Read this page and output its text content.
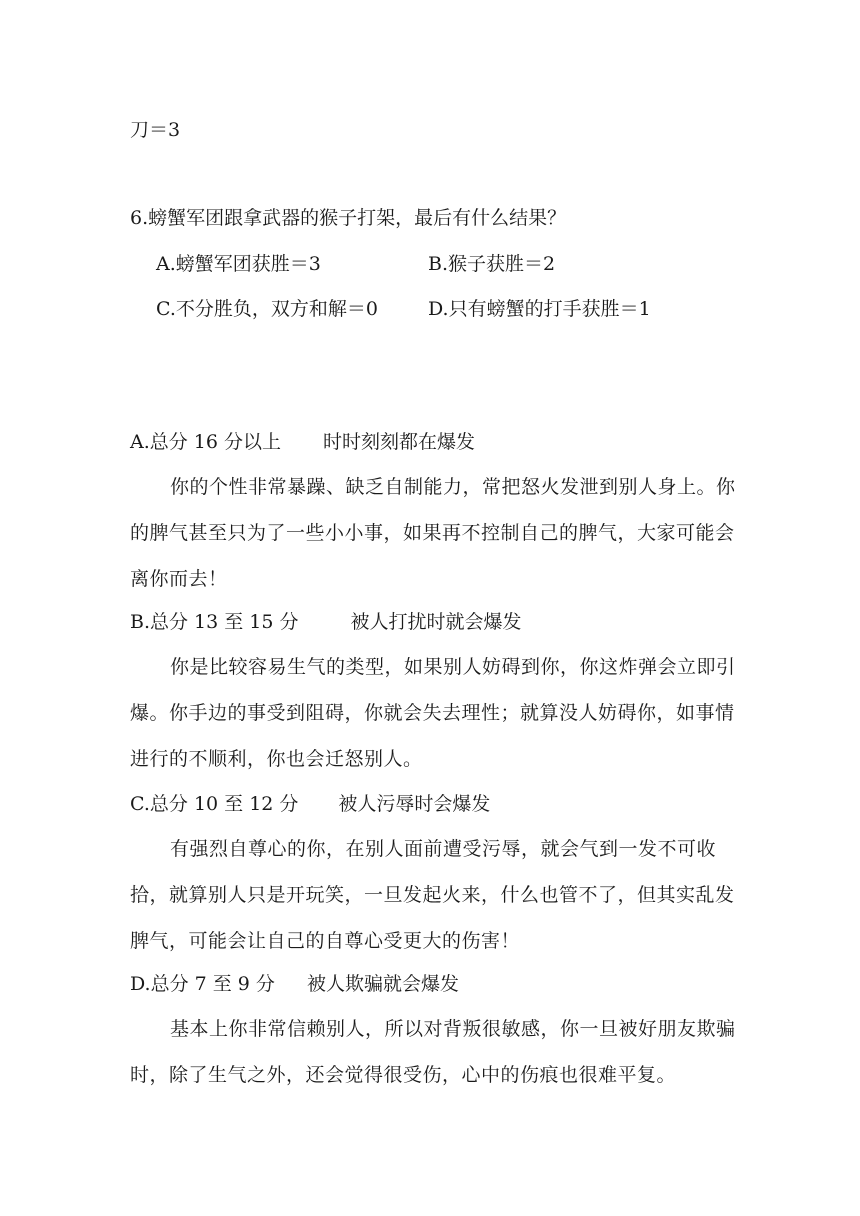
刀＝3
6.螃蟹军团跟拿武器的猴子打架，最后有什么结果？
A.螃蟹军团获胜＝3	B.猴子获胜＝2
C.不分胜负，双方和解＝0	D.只有螃蟹的打手获胜＝1
A.总分 16 分以上 时时刻刻都在爆发
你的个性非常暴躁、缺乏自制能力，常把怒火发泄到别人身上。你的脾气甚至只为了一些小小事，如果再不控制自己的脾气，大家可能会离你而去！
B.总分 13 至 15 分	被人打扰时就会爆发
你是比较容易生气的类型，如果别人妨碍到你，你这炸弹会立即引爆。你手边的事受到阻碍，你就会失去理性；就算没人妨碍你，如事情进行的不顺利，你也会迁怒别人。
C.总分 10 至 12 分 被人污辱时会爆发
有强烈自尊心的你，在别人面前遭受污辱，就会气到一发不可收拾，就算别人只是开玩笑，一旦发起火来，什么也管不了，但其实乱发脾气，可能会让自己的自尊心受更大的伤害！
D.总分 7 至 9 分 被人欺骗就会爆发
基本上你非常信赖别人，所以对背叛很敏感，你一旦被好朋友欺骗时，除了生气之外，还会觉得很受伤，心中的伤痕也很难平复。
